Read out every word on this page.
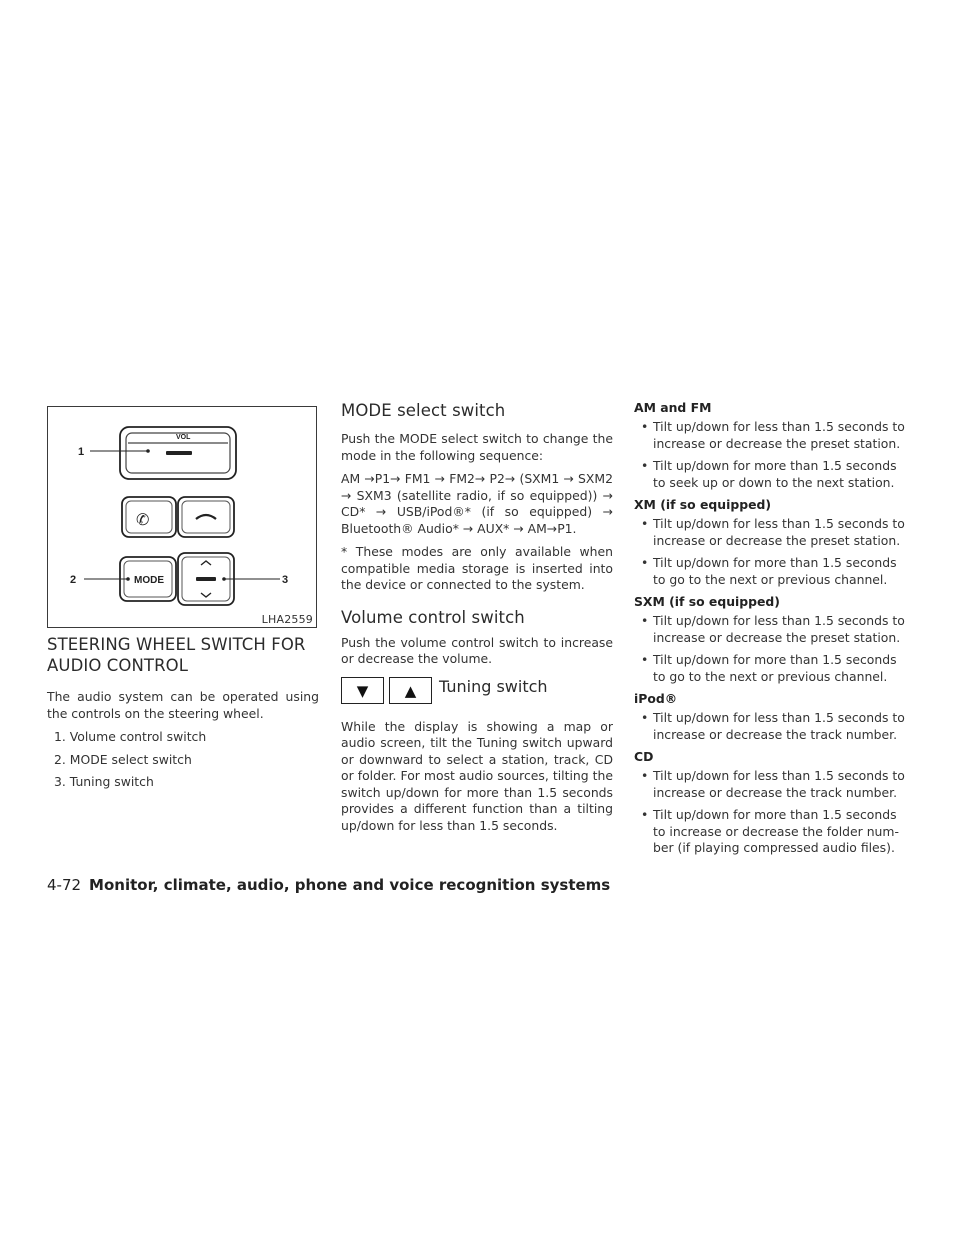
VOL
1
✆
MODE
2	3
LHA2559
STEERING WHEEL SWITCH FOR
AUDIO CONTROL

The audio system can be operated using the controls on the steering wheel.

1. Volume control switch
2. MODE select switch
3. Tuning switch
MODE select switch

Push the MODE select switch to change the mode in the following sequence:

AM →P1→ FM1 → FM2→ P2→ (SXM1 → SXM2 → SXM3 (satellite radio, if so equipped)) → CD* → USB/iPod®* (if so equipped) → Bluetooth® Audio* → AUX* → AM→P1.

* These modes are only available when compatible media storage is inserted into the device or connected to the system.

Volume control switch

Push the volume control switch to increase or decrease the volume.

▼	▲	Tuning switch

While the display is showing a map or audio screen, tilt the Tuning switch upward or downward to select a station, track, CD or folder. For most audio sources, tilting the switch up/down for more than 1.5 seconds provides a different function than a tilting up/down for less than 1.5 seconds.

AM and FM
• Tilt up/down for less than 1.5 seconds to increase or decrease the preset station.
• Tilt up/down for more than 1.5 seconds to seek up or down to the next station.
XM (if so equipped)
• Tilt up/down for less than 1.5 seconds to increase or decrease the preset station.
• Tilt up/down for more than 1.5 seconds to go to the next or previous channel.
SXM (if so equipped)
• Tilt up/down for less than 1.5 seconds to increase or decrease the preset station.
• Tilt up/down for more than 1.5 seconds to go to the next or previous channel.
iPod®
• Tilt up/down for less than 1.5 seconds to increase or decrease the track number.
CD
• Tilt up/down for less than 1.5 seconds to increase or decrease the track number.
• Tilt up/down for more than 1.5 seconds to increase or decrease the folder num-ber (if playing compressed audio files).
4-72 Monitor, climate, audio, phone and voice recognition systems
